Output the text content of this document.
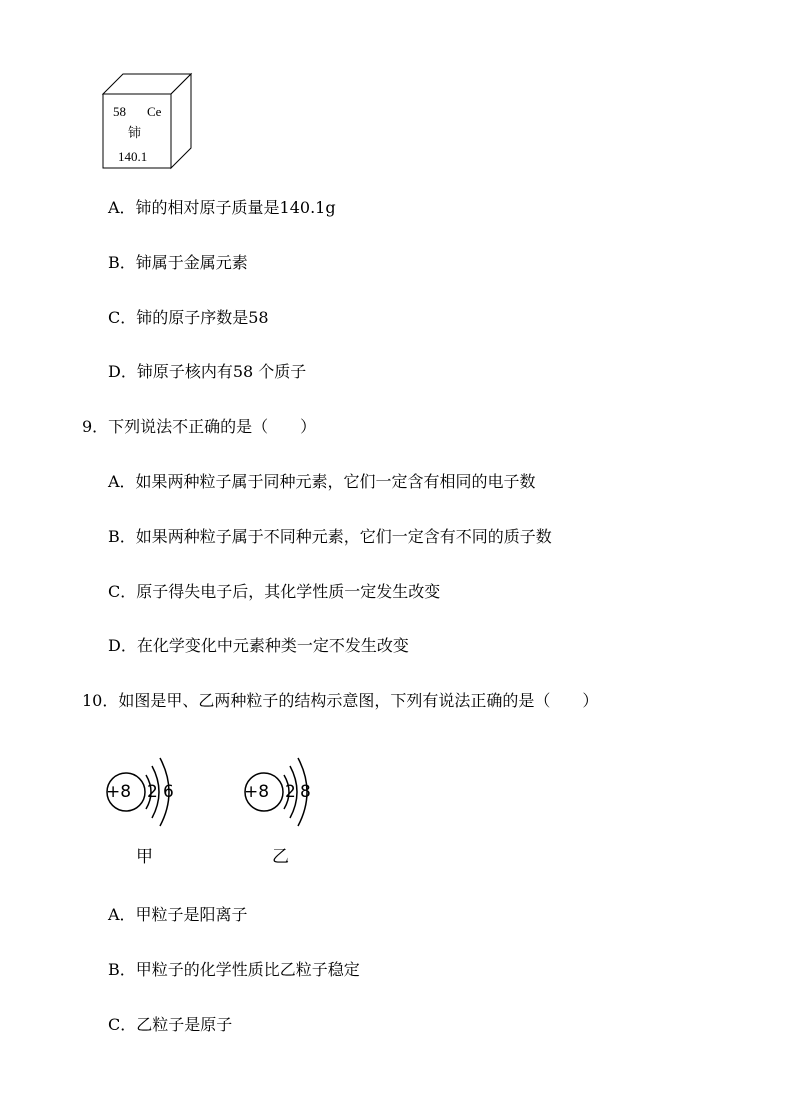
58 Ce
铈
140.1
A．铈的相对原子质量是140.1g
B．铈属于金属元素
C．铈的原子序数是58
D．铈原子核内有58 个质子
9．下列说法不正确的是（　　）
A．如果两种粒子属于同种元素，它们一定含有相同的电子数
B．如果两种粒子属于不同种元素，它们一定含有不同的质子数
C．原子得失电子后，其化学性质一定发生改变
D．在化学变化中元素种类一定不发生改变
10．如图是甲、乙两种粒子的结构示意图，下列有说法正确的是（　　）
+8 2 6
甲
+8 2 8
乙
A．甲粒子是阳离子
B．甲粒子的化学性质比乙粒子稳定
C．乙粒子是原子
